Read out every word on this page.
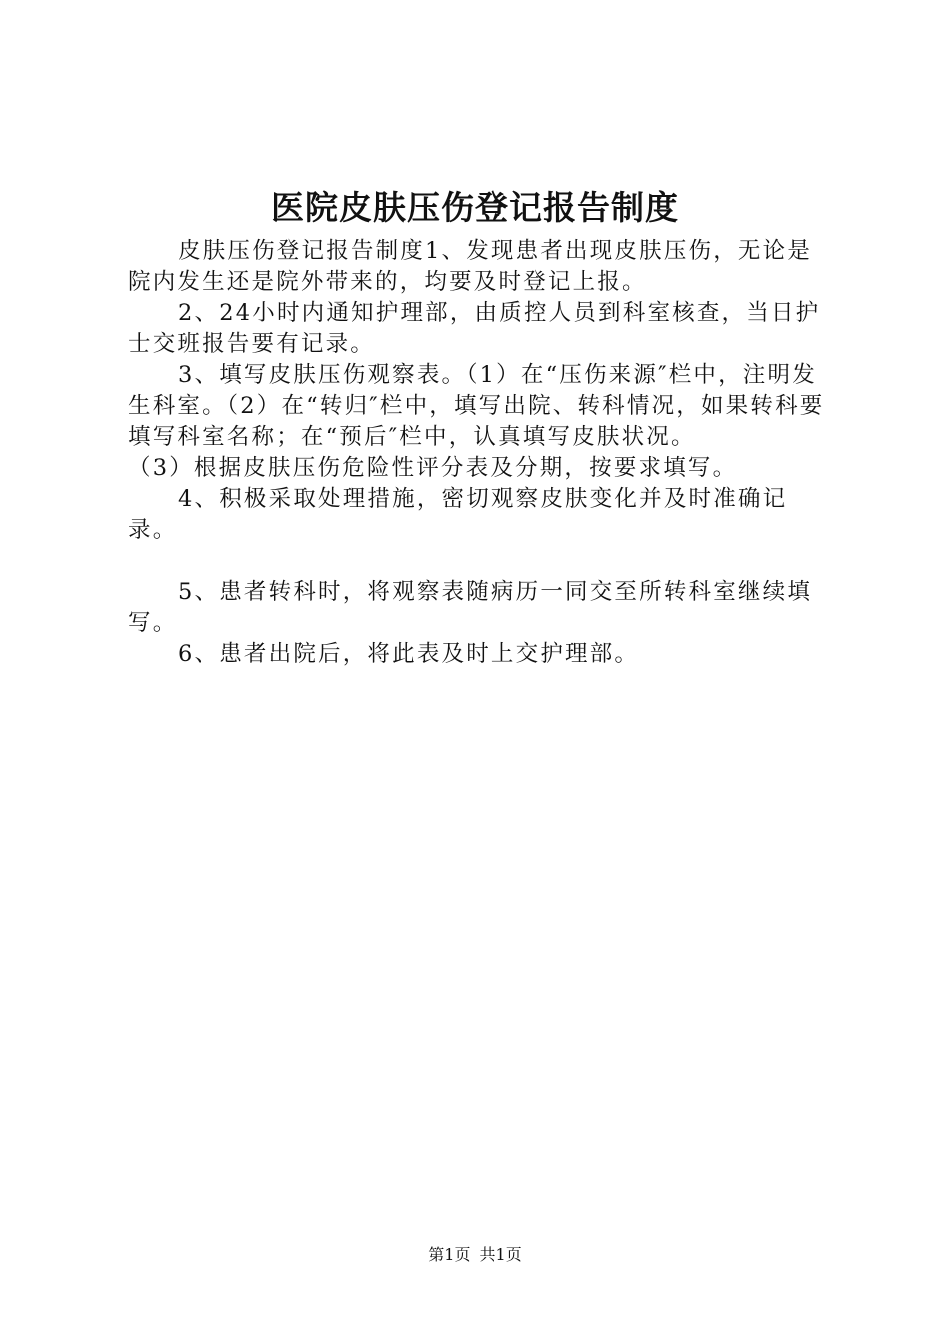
医院皮肤压伤登记报告制度

皮肤压伤登记报告制度1、发现患者出现皮肤压伤，无论是院内发生还是院外带来的，均要及时登记上报。

2、24小时内通知护理部，由质控人员到科室核查，当日护士交班报告要有记录。

3、填写皮肤压伤观察表。（1）在“压伤来源″栏中，注明发生科室。（2）在“转归″栏中，填写出院、转科情况，如果转科要填写科室名称；在“预后″栏中，认真填写皮肤状况。

（3）根据皮肤压伤危险性评分表及分期，按要求填写。

4、积极采取处理措施，密切观察皮肤变化并及时准确记录。

5、患者转科时，将观察表随病历一同交至所转科室继续填写。

6、患者出院后，将此表及时上交护理部。

第1页 共1页
